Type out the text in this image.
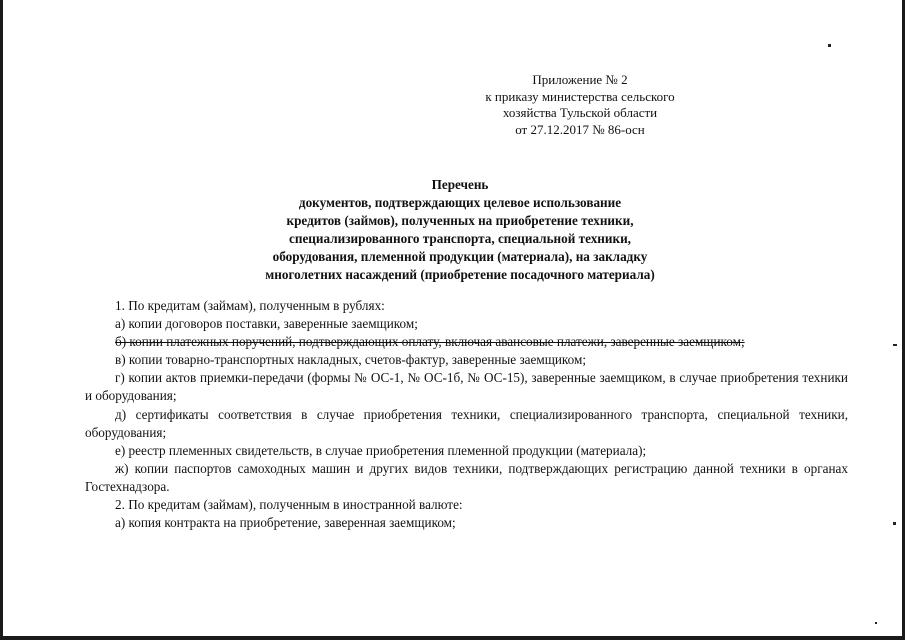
Приложение № 2
к приказу министерства сельского
хозяйства Тульской области
от 27.12.2017 № 86-осн
Перечень
документов, подтверждающих целевое использование
кредитов (займов), полученных на приобретение техники,
специализированного транспорта, специальной техники,
оборудования, племенной продукции (материала), на закладку
многолетних насаждений (приобретение посадочного материала)
1. По кредитам (займам), полученным в рублях:
а) копии договоров поставки, заверенные заемщиком;
б) копии платежных поручений, подтверждающих оплату, включая авансовые платежи, заверенные заемщиком;
в) копии товарно-транспортных накладных, счетов-фактур, заверенные заемщиком;
г) копии актов приемки-передачи (формы № ОС-1, № ОС-1б, № ОС-15), заверенные заемщиком, в случае приобретения техники и оборудования;
д) сертификаты соответствия в случае приобретения техники, специализированного транспорта, специальной техники, оборудования;
е) реестр племенных свидетельств, в случае приобретения племенной продукции (материала);
ж) копии паспортов самоходных машин и других видов техники, подтверждающих регистрацию данной техники в органах Гостехнадзора.
2. По кредитам (займам), полученным в иностранной валюте:
а) копия контракта на приобретение, заверенная заемщиком;
